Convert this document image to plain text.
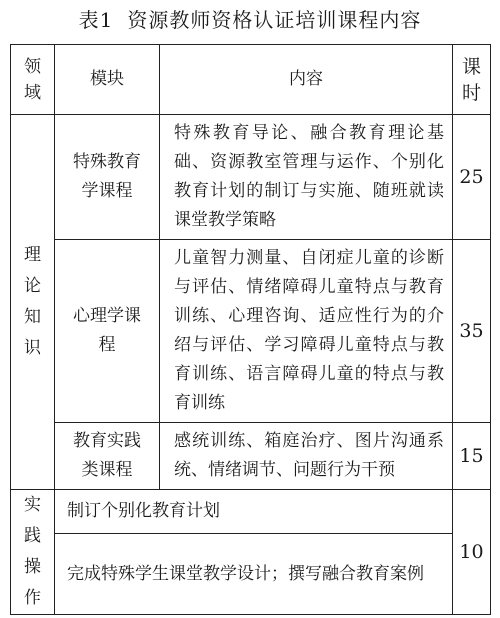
表1 资源教师资格认证培训课程内容
领域	模块	内容	课时

理论知识	特殊教育学课程	特殊教育导论、融合教育理论基础、资源教室管理与运作、个别化教育计划的制订与实施、随班就读课堂教学策略	25

	心理学课程	儿童智力测量、自闭症儿童的诊断与评估、情绪障碍儿童特点与教育训练、心理咨询、适应性行为的介绍与评估、学习障碍儿童特点与教育训练、语言障碍儿童的特点与教育训练	35

	教育实践类课程	感统训练、箱庭治疗、图片沟通系统、情绪调节、问题行为干预	15

实践操作	制订个别化教育计划		10

	完成特殊学生课堂教学设计；撰写融合教育案例		
